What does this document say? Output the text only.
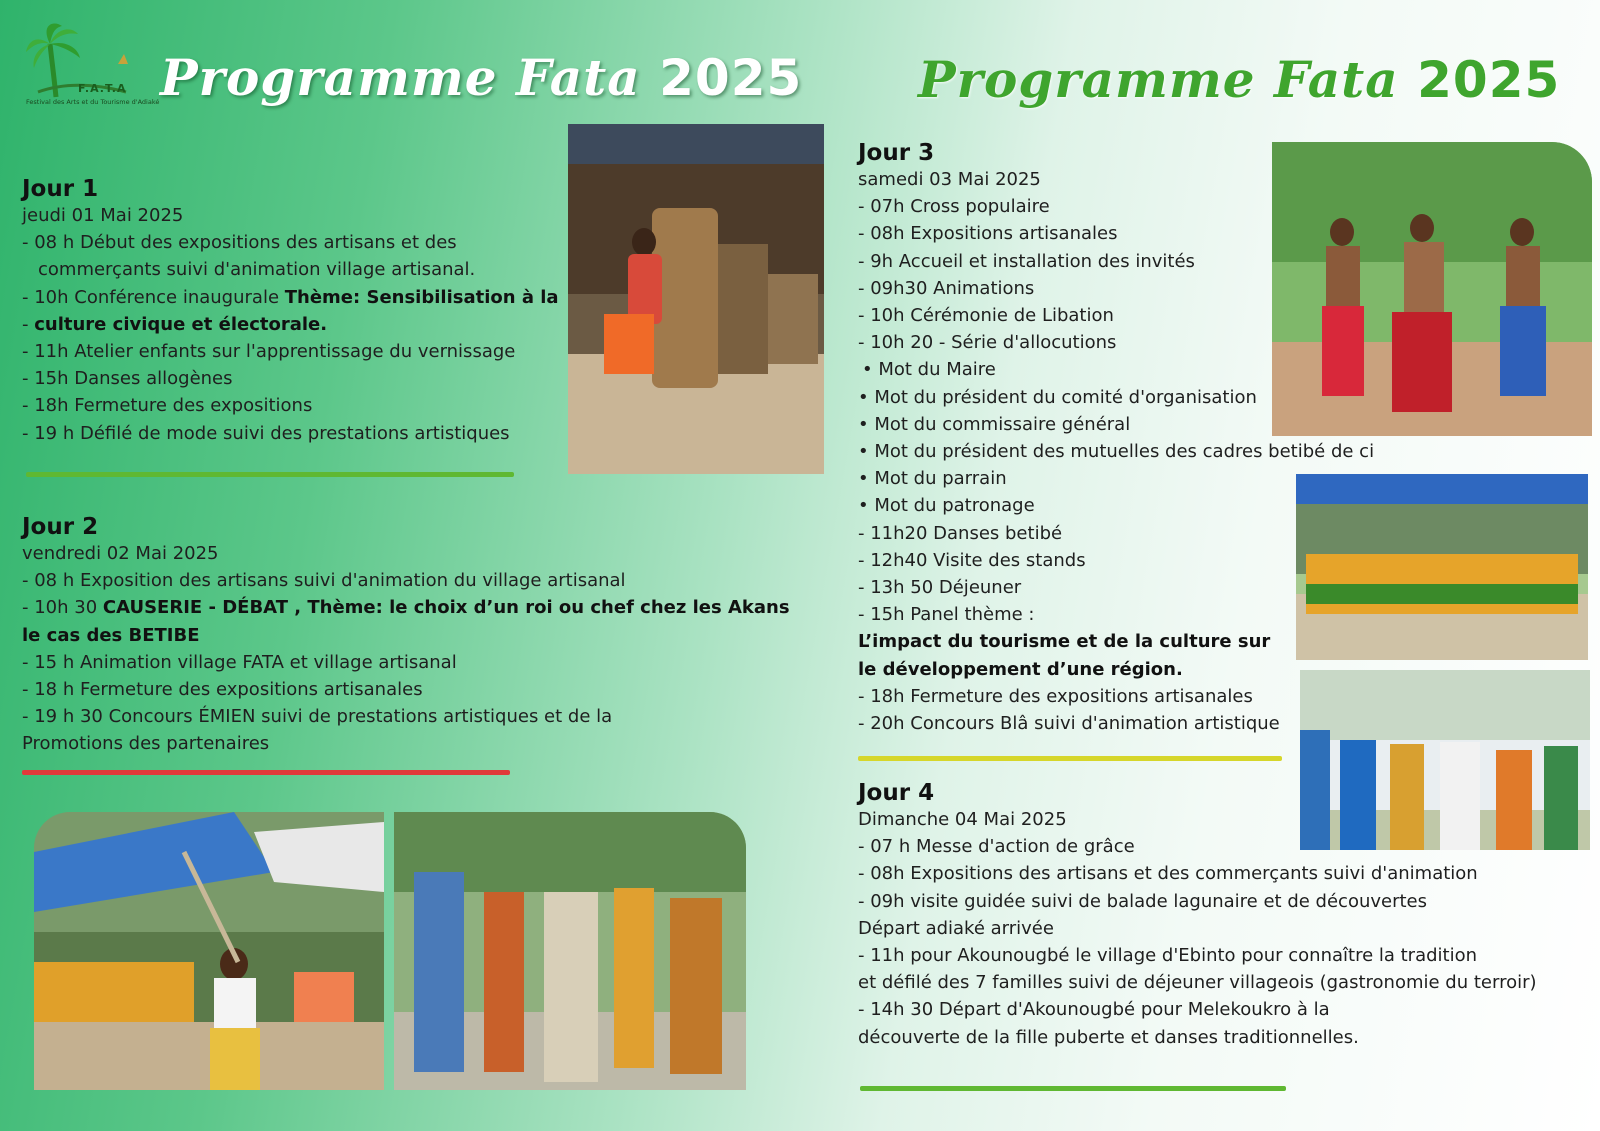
F.A.T.A
Festival des Arts et du Tourisme d'Adiaké Programme Fata 2025 Programme Fata 2025
Jour 1
jeudi 01 Mai 2025
- 08 h Début des expositions des artisans et des
commerçants suivi d'animation village artisanal.
- 10h Conférence inaugurale Thème: Sensibilisation à la
- culture civique et électorale.
- 11h Atelier enfants sur l'apprentissage du vernissage
- 15h Danses allogènes
- 18h Fermeture des expositions
- 19 h Défilé de mode suivi des prestations artistiques
Jour 2
vendredi 02 Mai 2025
- 08 h Exposition des artisans suivi d'animation du village artisanal
- 10h 30 CAUSERIE - DÉBAT , Thème: le choix d’un roi ou chef chez les Akans
le cas des BETIBE
- 15 h Animation village FATA et village artisanal
- 18 h Fermeture des expositions artisanales
- 19 h 30 Concours ÉMIEN suivi de prestations artistiques et de la
Promotions des partenaires
Jour 3
samedi 03 Mai 2025
- 07h Cross populaire
- 08h Expositions artisanales
- 9h Accueil et installation des invités
- 09h30 Animations
- 10h Cérémonie de Libation
- 10h 20 - Série d'allocutions
• Mot du Maire
• Mot du président du comité d'organisation
• Mot du commissaire général
• Mot du président des mutuelles des cadres betibé de ci
• Mot du parrain
• Mot du patronage
- 11h20 Danses betibé
- 12h40 Visite des stands
- 13h 50 Déjeuner
- 15h Panel thème :
L’impact du tourisme et de la culture sur
le développement d’une région.
- 18h Fermeture des expositions artisanales
- 20h Concours Blâ suivi d'animation artistique
Jour 4
Dimanche 04 Mai 2025
- 07 h Messe d'action de grâce
- 08h Expositions des artisans et des commerçants suivi d'animation
- 09h visite guidée suivi de balade lagunaire et de découvertes
Départ adiaké arrivée
- 11h pour Akounougbé le village d'Ebinto pour connaître la tradition
et défilé des 7 familles suivi de déjeuner villageois (gastronomie du terroir)
- 14h 30 Départ d'Akounougbé pour Melekoukro à la
découverte de la fille puberte et danses traditionnelles.
